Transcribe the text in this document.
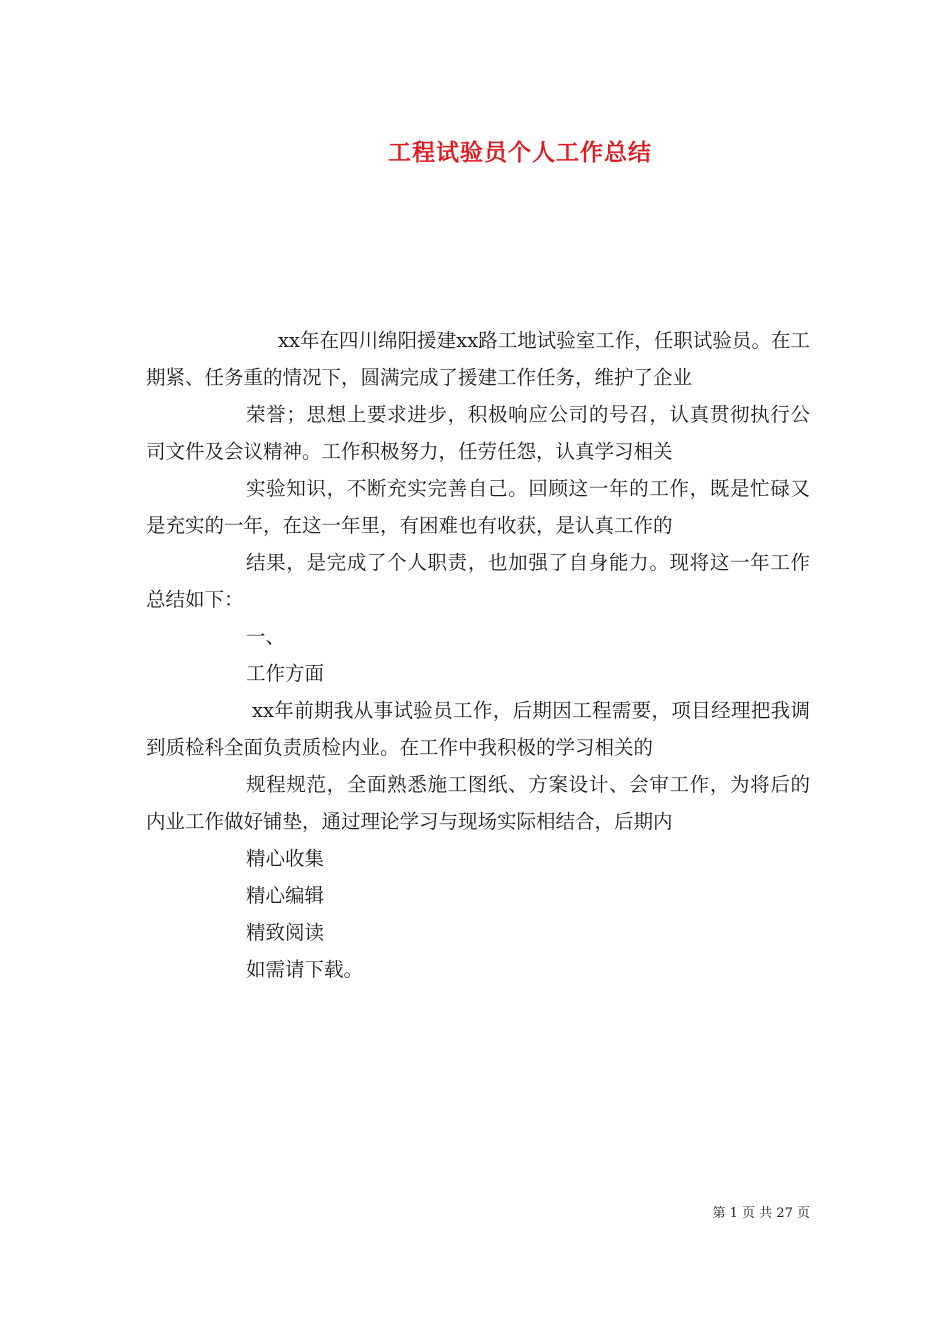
工程试验员个人工作总结

xx年在四川绵阳援建xx路工地试验室工作，任职试验员。在工期紧、任务重的情况下，圆满完成了援建工作任务，维护了企业

荣誉；思想上要求进步，积极响应公司的号召，认真贯彻执行公司文件及会议精神。工作积极努力，任劳任怨，认真学习相关

实验知识，不断充实完善自己。回顾这一年的工作，既是忙碌又是充实的一年，在这一年里，有困难也有收获，是认真工作的

结果，是完成了个人职责，也加强了自身能力。现将这一年工作总结如下：

一、

工作方面

xx年前期我从事试验员工作，后期因工程需要，项目经理把我调到质检科全面负责质检内业。在工作中我积极的学习相关的

规程规范，全面熟悉施工图纸、方案设计、会审工作，为将后的内业工作做好铺垫，通过理论学习与现场实际相结合，后期内

精心收集

精心编辑

精致阅读

如需请下载。

第 1 页 共 27 页
